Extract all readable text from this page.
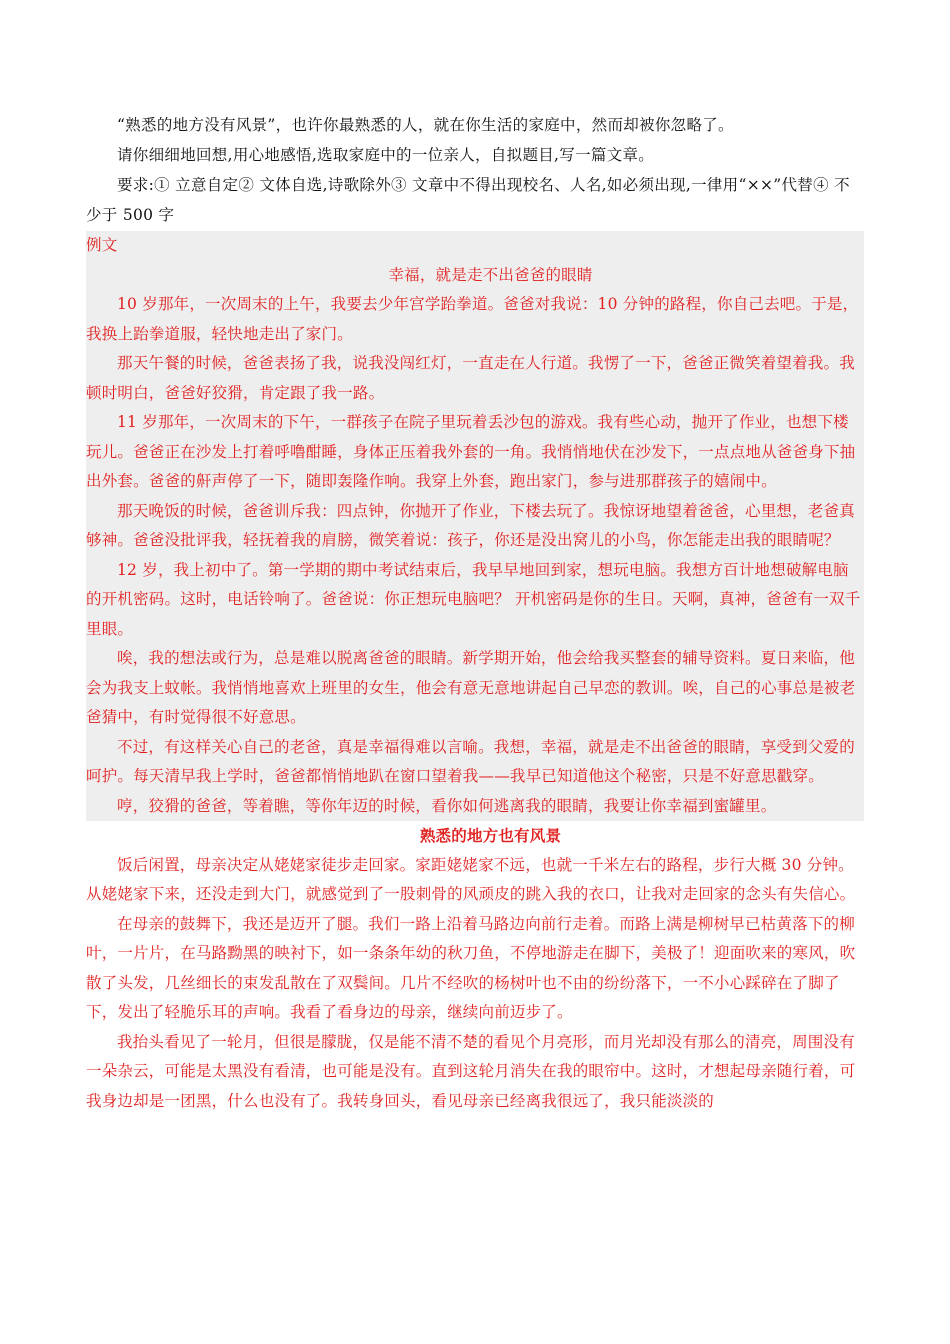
“熟悉的地方没有风景”，也许你最熟悉的人，就在你生活的家庭中，然而却被你忽略了。

请你细细地回想,用心地感悟,选取家庭中的一位亲人，自拟题目,写一篇文章。

要求:① 立意自定② 文体自选,诗歌除外③ 文章中不得出现校名、人名,如必须出现,一律用“××”代替④ 不少于 500 字

例文

幸福，就是走不出爸爸的眼睛

10 岁那年，一次周末的上午，我要去少年宫学跆拳道。爸爸对我说：10 分钟的路程，你自己去吧。于是，我换上跆拳道服，轻快地走出了家门。

那天午餐的时候，爸爸表扬了我，说我没闯红灯，一直走在人行道。我愣了一下，爸爸正微笑着望着我。我顿时明白，爸爸好狡猾，肯定跟了我一路。

11 岁那年，一次周末的下午，一群孩子在院子里玩着丢沙包的游戏。我有些心动，抛开了作业，也想下楼玩儿。爸爸正在沙发上打着呼噜酣睡，身体正压着我外套的一角。我悄悄地伏在沙发下，一点点地从爸爸身下抽出外套。爸爸的鼾声停了一下，随即轰隆作响。我穿上外套，跑出家门，参与进那群孩子的嬉闹中。

那天晚饭的时候，爸爸训斥我：四点钟，你抛开了作业，下楼去玩了。我惊讶地望着爸爸，心里想，老爸真够神。爸爸没批评我，轻抚着我的肩膀，微笑着说：孩子，你还是没出窝儿的小鸟，你怎能走出我的眼睛呢？

12 岁，我上初中了。第一学期的期中考试结束后，我早早地回到家，想玩电脑。我想方百计地想破解电脑的开机密码。这时，电话铃响了。爸爸说：你正想玩电脑吧？ 开机密码是你的生日。天啊，真神，爸爸有一双千里眼。

唉，我的想法或行为，总是难以脱离爸爸的眼睛。新学期开始，他会给我买整套的辅导资料。夏日来临，他会为我支上蚊帐。我悄悄地喜欢上班里的女生，他会有意无意地讲起自己早恋的教训。唉，自己的心事总是被老爸猜中，有时觉得很不好意思。

不过，有这样关心自己的老爸，真是幸福得难以言喻。我想，幸福，就是走不出爸爸的眼睛，享受到父爱的呵护。每天清早我上学时，爸爸都悄悄地趴在窗口望着我——我早已知道他这个秘密，只是不好意思戳穿。

哼，狡猾的爸爸，等着瞧，等你年迈的时候，看你如何逃离我的眼睛，我要让你幸福到蜜罐里。

熟悉的地方也有风景

饭后闲置，母亲决定从姥姥家徒步走回家。家距姥姥家不远，也就一千米左右的路程，步行大概 30 分钟。从姥姥家下来，还没走到大门，就感觉到了一股刺骨的风顽皮的跳入我的衣口，让我对走回家的念头有失信心。

在母亲的鼓舞下，我还是迈开了腿。我们一路上沿着马路边向前行走着。而路上满是柳树早已枯黄落下的柳叶，一片片，在马路黝黑的映衬下，如一条条年幼的秋刀鱼，不停地游走在脚下，美极了！迎面吹来的寒风，吹散了头发，几丝细长的束发乱散在了双鬓间。几片不经吹的杨树叶也不由的纷纷落下，一不小心踩碎在了脚了下，发出了轻脆乐耳的声响。我看了看身边的母亲，继续向前迈步了。

我抬头看见了一轮月，但很是朦胧，仅是能不清不楚的看见个月亮形，而月光却没有那么的清亮，周围没有一朵杂云，可能是太黑没有看清，也可能是没有。直到这轮月消失在我的眼帘中。这时，才想起母亲随行着，可我身边却是一团黑，什么也没有了。我转身回头，看见母亲已经离我很远了，我只能淡淡的
